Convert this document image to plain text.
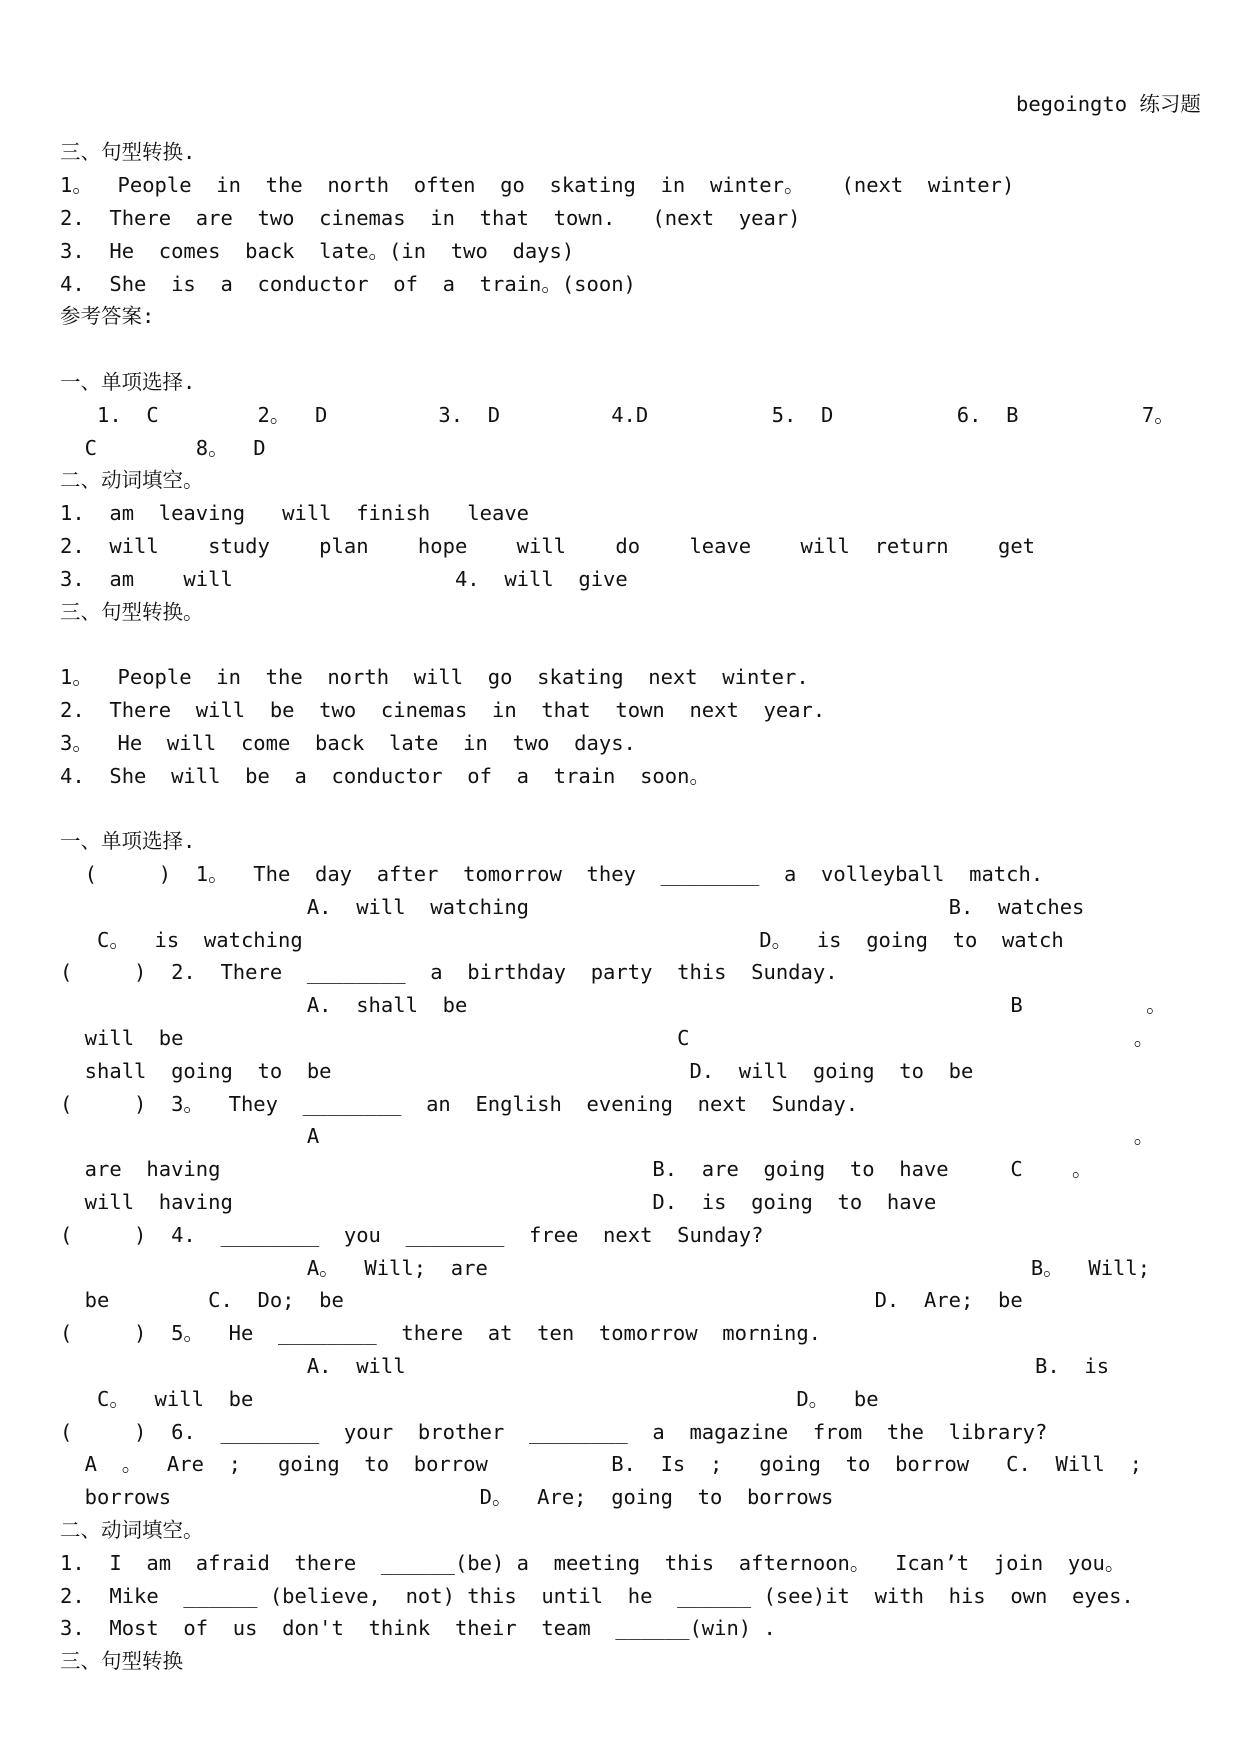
begoingto 练习题
三、句型转换.
1。  People  in  the  north  often  go  skating  in  winter。   (next  winter)
2.  There  are  two  cinemas  in  that  town.   (next  year)
3.  He  comes  back  late。(in  two  days)
4.  She  is  a  conductor  of  a  train。(soon)
参考答案:
一、单项选择.
1.  C        2。  D         3.  D         4.D          5.  D          6.  B          7。
C        8。  D
二、动词填空。
1.  am  leaving   will  finish   leave
2.  will    study    plan    hope    will    do    leave    will  return    get
3.  am    will                  4.  will  give
三、句型转换。
1。  People  in  the  north  will  go  skating  next  winter.
2.  There  will  be  two  cinemas  in  that  town  next  year.
3。  He  will  come  back  late  in  two  days.
4.  She  will  be  a  conductor  of  a  train  soon。
一、单项选择.
(     )  1。  The  day  after  tomorrow  they  ________  a  volleyball  match.
A.  will  watching                                  B.  watches
C。  is  watching                                     D。  is  going  to  watch
(     )  2.  There  ________  a  birthday  party  this  Sunday.
A.  shall  be                                            B          。
will  be                                        C                                    。
shall  going  to  be                             D.  will  going  to  be
(     )  3。  They  ________  an  English  evening  next  Sunday.
A                                                                  。
are  having                                   B.  are  going  to  have     C    。
will  having                                  D.  is  going  to  have
(     )  4.  ________  you  ________  free  next  Sunday?
A。  Will;  are                                            B。  Will;
be        C.  Do;  be                                           D.  Are;  be
(     )  5。  He  ________  there  at  ten  tomorrow  morning.
A.  will                                                   B.  is
C。  will  be                                            D。  be
(     )  6.  ________  your  brother  ________  a  magazine  from  the  library?
A  。  Are  ;   going  to  borrow          B.  Is  ;   going  to  borrow   C.  Will  ;
borrows                         D。  Are;  going  to  borrows
二、动词填空。
1.  I  am  afraid  there  ______(be) a  meeting  this  afternoon。  Ican’t  join  you。
2.  Mike  ______ (believe,  not) this  until  he  ______ (see)it  with  his  own  eyes.
3.  Most  of  us  don't  think  their  team  ______(win) .
三、句型转换
